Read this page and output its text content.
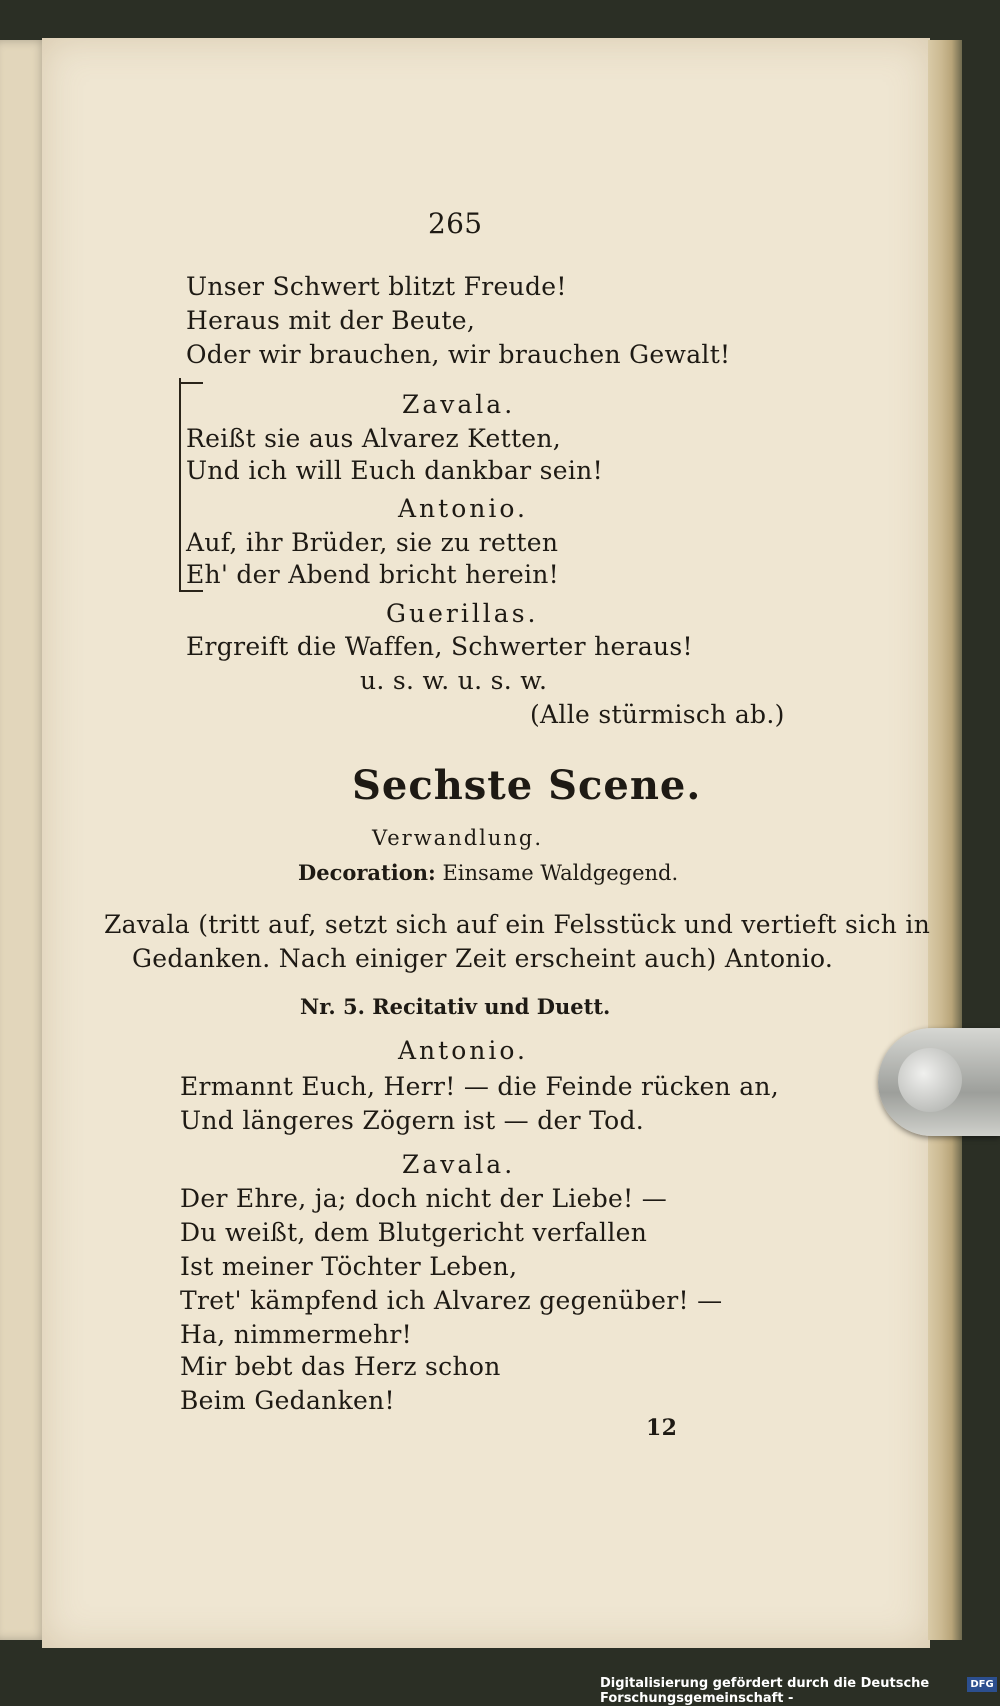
265
Unser Schwert blitzt Freude!
Heraus mit der Beute,
Oder wir brauchen, wir brauchen Gewalt!
Zavala.
Reißt sie aus Alvarez Ketten,
Und ich will Euch dankbar sein!
Antonio.
Auf, ihr Brüder, sie zu retten
Eh' der Abend bricht herein!
Guerillas.
Ergreift die Waffen, Schwerter heraus!
u. s. w. u. s. w.
(Alle stürmisch ab.)
Sechste Scene.
Verwandlung.
Decoration: Einsame Waldgegend.
Zavala (tritt auf, setzt sich auf ein Felsstück und vertieft sich in
Gedanken. Nach einiger Zeit erscheint auch) Antonio.
Nr. 5. Recitativ und Duett.
Antonio.
Ermannt Euch, Herr! — die Feinde rücken an,
Und längeres Zögern ist — der Tod.
Zavala.
Der Ehre, ja; doch nicht der Liebe! —
Du weißt, dem Blutgericht verfallen
Ist meiner Töchter Leben,
Tret' kämpfend ich Alvarez gegenüber! —
Ha, nimmermehr!
Mir bebt das Herz schon
Beim Gedanken!
12
Digitalisierung gefördert durch die Deutsche Forschungsgemeinschaft -
DFG
